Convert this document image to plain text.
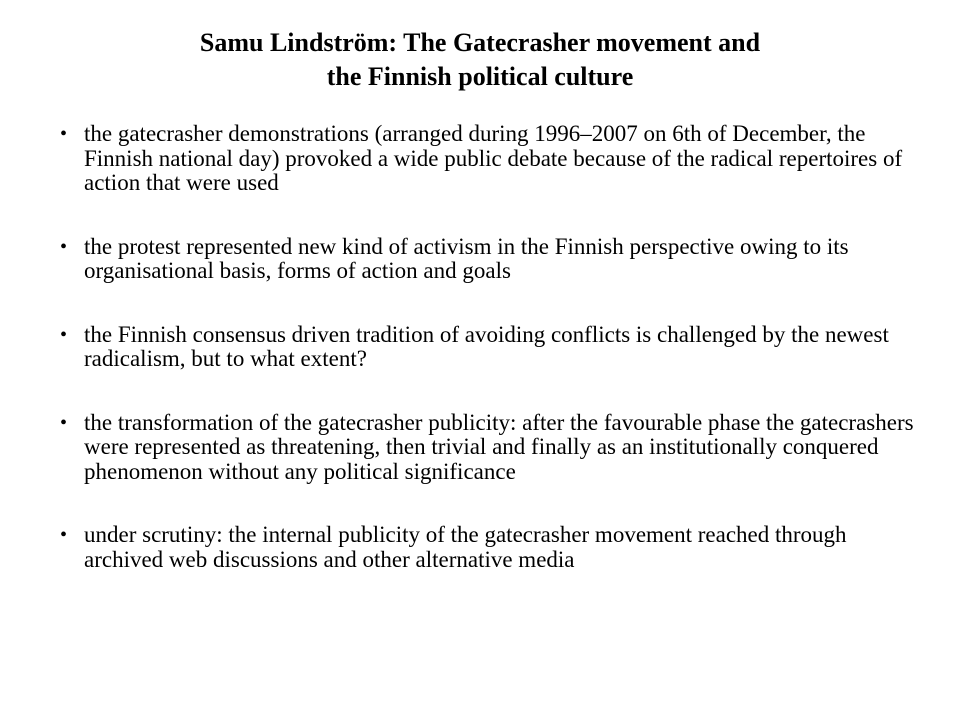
Samu Lindström: The Gatecrasher movement and
the Finnish political culture
• the gatecrasher demonstrations (arranged during 1996–2007 on 6th of December, the Finnish national day) provoked a wide public debate because of the radical repertoires of action that were used
• the protest represented new kind of activism in the Finnish perspective owing to its organisational basis, forms of action and goals
• the Finnish consensus driven tradition of avoiding conflicts is challenged by the newest radicalism, but to what extent?
• the transformation of the gatecrasher publicity: after the favourable phase the gatecrashers were represented as threatening, then trivial and finally as an institutionally conquered phenomenon without any political significance
• under scrutiny: the internal publicity of the gatecrasher movement reached through archived web discussions and other alternative media
